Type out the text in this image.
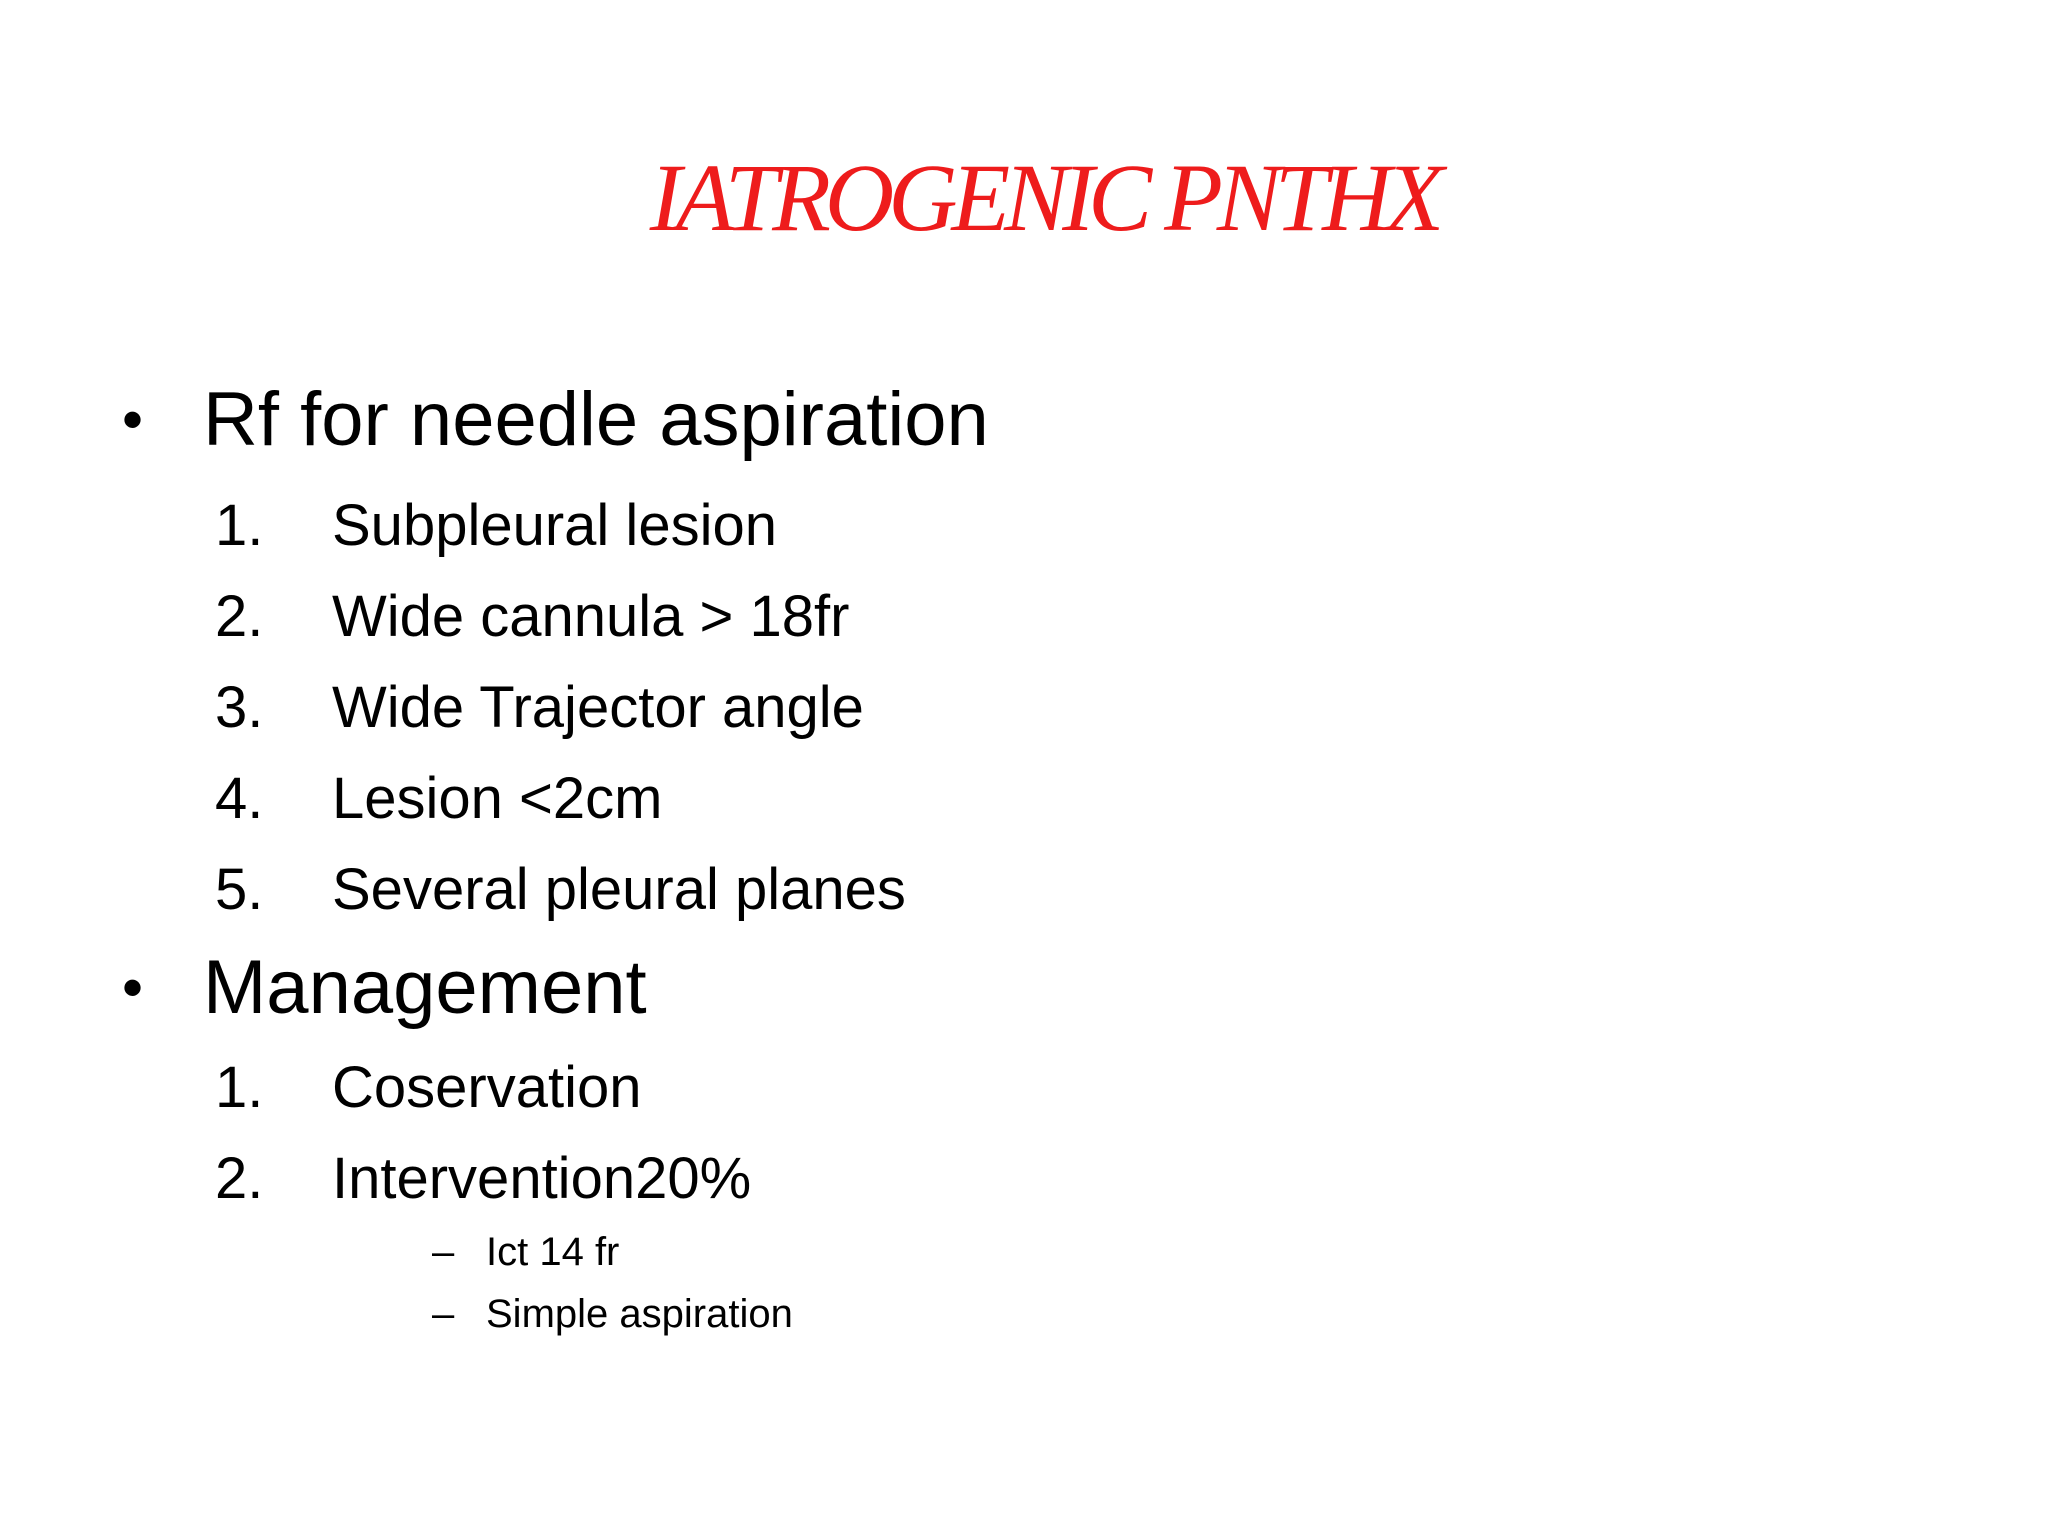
IATROGENIC PNTHX
• Rf for needle aspiration
1. Subpleural lesion
2. Wide cannula > 18fr
3. Wide Trajector angle
4. Lesion <2cm
5. Several pleural planes
• Management
1. Coservation
2. Intervention20%
– Ict 14 fr
– Simple aspiration
